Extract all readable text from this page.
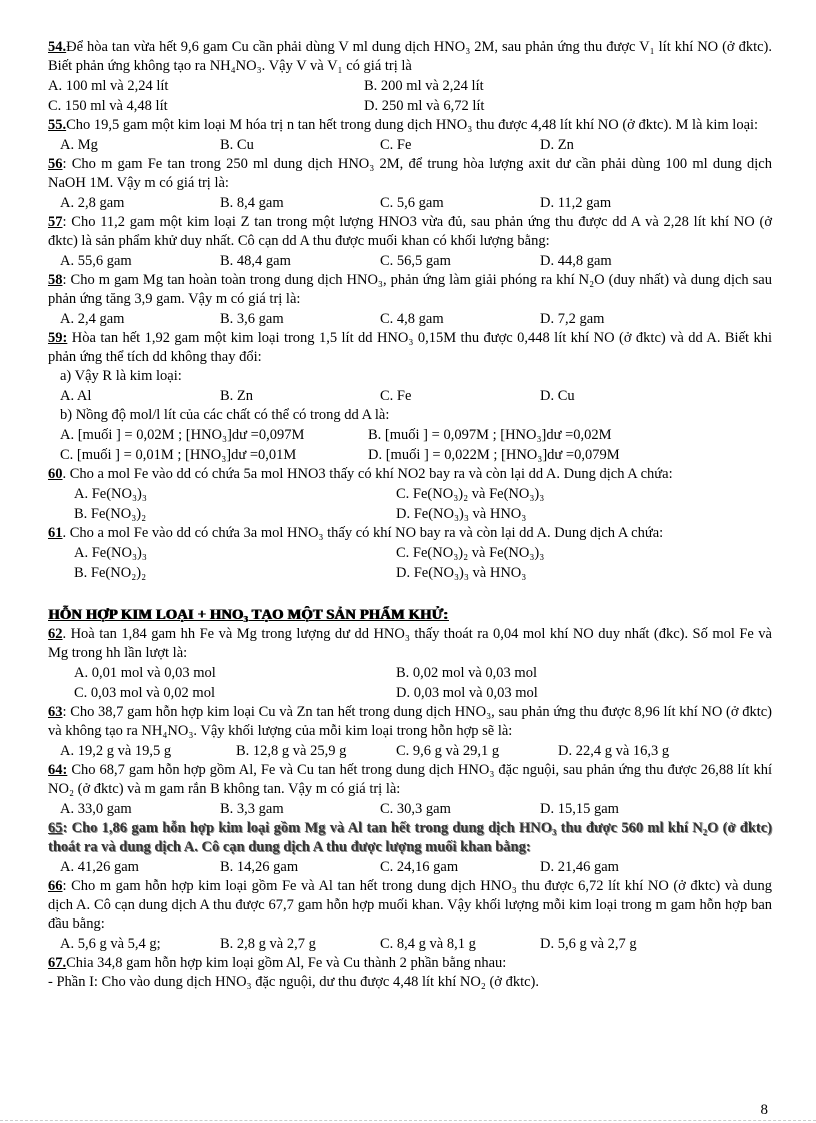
54.Để hòa tan vừa hết 9,6 gam Cu cần phải dùng V ml dung dịch HNO₃ 2M, sau phản ứng thu được V₁ lít khí NO (ở đktc). Biết phản ứng không tạo ra NH₄NO₃. Vậy V và V₁ có giá trị là

A. 100 ml và 2,24 lít	B. 200 ml và 2,24 lít
C. 150 ml và 4,48 lít	D. 250 ml và 6,72 lít

55.Cho 19,5 gam một kim loại M hóa trị n tan hết trong dung dịch HNO₃ thu được 4,48 lít khí NO (ở đktc). M là kim loại:

A. Mg	B. Cu	C. Fe	D. Zn

56: Cho m gam Fe tan trong 250 ml dung dịch HNO₃ 2M, để trung hòa lượng axit dư cần phải dùng 100 ml dung dịch NaOH 1M. Vậy m có giá trị là:

A. 2,8 gam	B. 8,4 gam	C. 5,6 gam	D. 11,2 gam

57: Cho 11,2 gam một kim loại Z tan trong một lượng HNO3 vừa đủ, sau phản ứng thu được dd A và 2,28 lít khí NO (ở đktc) là sản phẩm khử duy nhất. Cô cạn dd A thu được muối khan có khối lượng bằng:

A. 55,6 gam	B. 48,4 gam	C. 56,5 gam	D. 44,8 gam

58: Cho m gam Mg tan hoàn toàn trong dung dịch HNO₃, phản ứng làm giải phóng ra khí N₂O (duy nhất) và dung dịch sau phản ứng tăng 3,9 gam. Vậy m có giá trị là:

A. 2,4 gam	B. 3,6 gam	C. 4,8 gam	D. 7,2 gam

59: Hòa tan hết 1,92 gam một kim loại trong 1,5 lít dd HNO₃ 0,15M thu được 0,448 lít khí NO (ở đktc) và dd A. Biết khi phản ứng thể tích dd không thay đổi:

a) Vậy R là kim loại:
A. Al	B. Zn	C. Fe	D. Cu
b) Nồng độ mol/l lít của các chất có thể có trong dd A là:
A. [muối ] = 0,02M ; [HNO₃]dư =0,097M	B. [muối ] = 0,097M ; [HNO₃]dư =0,02M
C. [muối ] = 0,01M ; [HNO₃]dư =0,01M	D. [muối ] = 0,022M ; [HNO₃]dư =0,079M

60. Cho a mol Fe vào dd có chứa 5a mol HNO3 thấy có khí NO2 bay ra và còn lại dd A. Dung dịch A chứa:

A. Fe(NO₃)₃	C. Fe(NO₃)₂ và Fe(NO₃)₃
B. Fe(NO₃)₂	D. Fe(NO₃)₃ và HNO₃

61. Cho a mol Fe vào dd có chứa 3a mol HNO₃ thấy có khí NO bay ra và còn lại dd A. Dung dịch A chứa:

A. Fe(NO₃)₃	C. Fe(NO₃)₂ và Fe(NO₃)₃
B. Fe(NO₂)₂	D. Fe(NO₃)₃ và HNO₃
HỖN HỢP KIM LOẠI + HNO₃ TẠO MỘT SẢN PHẨM KHỬ:

62. Hoà tan 1,84 gam hh Fe và Mg trong lượng dư dd HNO₃ thấy thoát ra 0,04 mol khí NO duy nhất (đkc). Số mol Fe và Mg trong hh lần lượt là:

A. 0,01 mol và 0,03 mol	B. 0,02 mol và 0,03 mol
C. 0,03 mol và 0,02 mol	D. 0,03 mol và 0,03 mol

63: Cho 38,7 gam hỗn hợp kim loại Cu và Zn tan hết trong dung dịch HNO₃, sau phản ứng thu được 8,96 lít khí NO (ở đktc) và không tạo ra NH₄NO₃. Vậy khối lượng của mỗi kim loại trong hỗn hợp sẽ là:

A. 19,2 g và 19,5 g	B. 12,8 g và 25,9 g	C. 9,6 g và 29,1 g	D. 22,4 g và 16,3 g

64: Cho 68,7 gam hỗn hợp gồm Al, Fe và Cu tan hết trong dung dịch HNO₃ đặc nguội, sau phản ứng thu được 26,88 lít khí NO₂ (ở đktc) và m gam rắn B không tan. Vậy m có giá trị là:

A. 33,0 gam	B. 3,3 gam	C. 30,3 gam	D. 15,15 gam

65: Cho 1,86 gam hỗn hợp kim loại gồm Mg và Al tan hết trong dung dịch HNO₃ thu được 560 ml khí N₂O (ở đktc) thoát ra và dung dịch A. Cô cạn dung dịch A thu được lượng muối khan bằng:

A. 41,26 gam	B. 14,26 gam	C. 24,16 gam	D. 21,46 gam

66: Cho m gam hỗn hợp kim loại gồm Fe và Al tan hết trong dung dịch HNO₃ thu được 6,72 lít khí NO (ở đktc) và dung dịch A. Cô cạn dung dịch A thu được 67,7 gam hỗn hợp muối khan. Vậy khối lượng mỗi kim loại trong m gam hỗn hợp ban đầu bằng:

A. 5,6 g và 5,4 g;	B. 2,8 g và 2,7 g	C. 8,4 g và 8,1 g	D. 5,6 g và 2,7 g

67.Chia 34,8 gam hỗn hợp kim loại gồm Al, Fe và Cu thành 2 phần bằng nhau:

- Phần I: Cho vào dung dịch HNO₃ đặc nguội, dư thu được 4,48 lít khí NO₂ (ở đktc).

8
